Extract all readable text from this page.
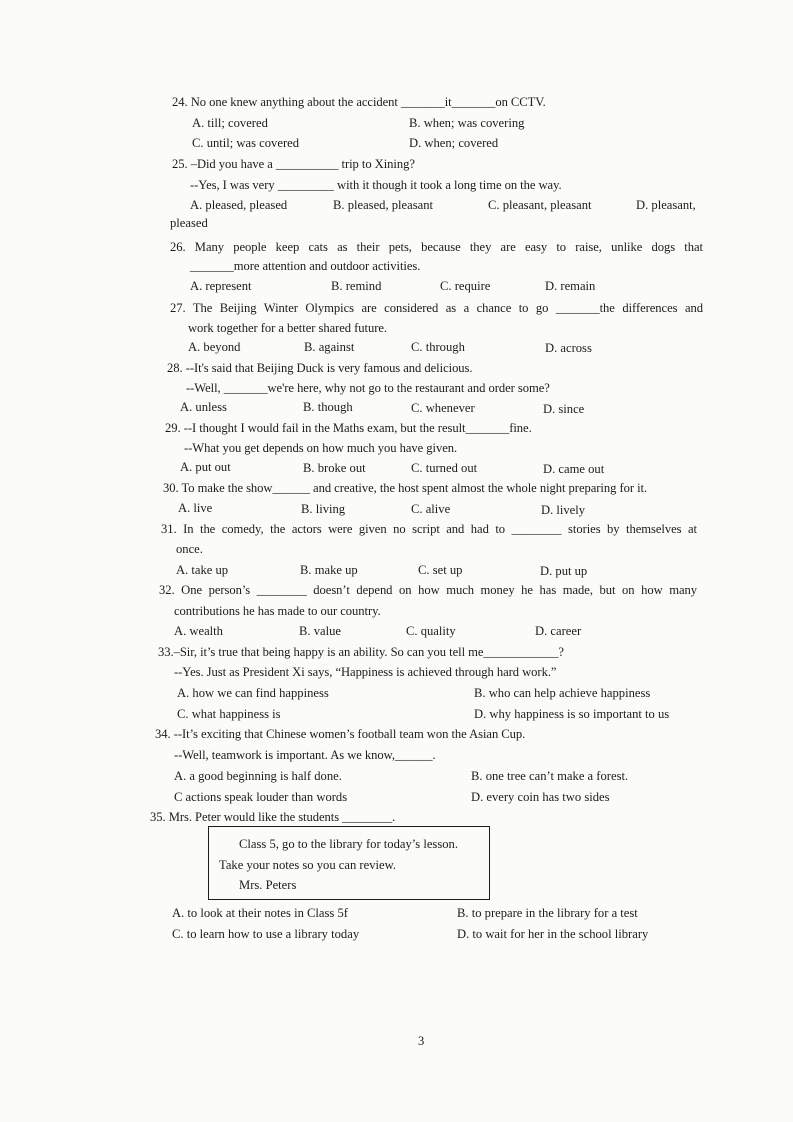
24. No one knew anything about the accident _______it_______on CCTV.
A. till; covered	B. when; was covering
C. until; was covered	D. when; covered
25. –Did you have a __________ trip to Xining?
--Yes, I was very _________ with it though it took a long time on the way.
A. pleased, pleased	B. pleased, pleasant	C. pleasant, pleasant	D. pleasant,
pleased
26. Many people keep cats as their pets, because they are easy to raise, unlike dogs that
_______more attention and outdoor activities.
A. represent	B. remind	C. require	D. remain
27. The Beijing Winter Olympics are considered as a chance to go _______the differences and
work together for a better shared future.
A. beyond	B. against	C. through	D. across
28. --It's said that Beijing Duck is very famous and delicious.
--Well, _______we're here, why not go to the restaurant and order some?
A. unless	B. though	C. whenever	D. since
29. --I thought I would fail in the Maths exam, but the result_______fine.
--What you get depends on how much you have given.
A. put out	B. broke out	C. turned out	D. came out
30. To make the show______ and creative, the host spent almost the whole night preparing for it.
A. live	B. living	C. alive	D. lively
31. In the comedy, the actors were given no script and had to ________ stories by themselves at
once.
A. take up	B. make up	C. set up	D. put up
32. One person’s ________ doesn’t depend on how much money he has made, but on how many
contributions he has made to our country.
A. wealth	B. value	C. quality	D. career
33.–Sir, it’s true that being happy is an ability. So can you tell me____________?
--Yes. Just as President Xi says, “Happiness is achieved through hard work.”
A. how we can find happiness	B. who can help achieve happiness
C. what happiness is	D. why happiness is so important to us
34. --It’s exciting that Chinese women’s football team won the Asian Cup.
--Well, teamwork is important. As we know,______.
A. a good beginning is half done.	B. one tree can’t make a forest.
C actions speak louder than words	D. every coin has two sides
35. Mrs. Peter would like the students ________.
Class 5, go to the library for today’s lesson.
Take your notes so you can review.
Mrs. Peters
A. to look at their notes in Class 5f	B. to prepare in the library for a test
C. to learn how to use a library today	D. to wait for her in the school library
3
